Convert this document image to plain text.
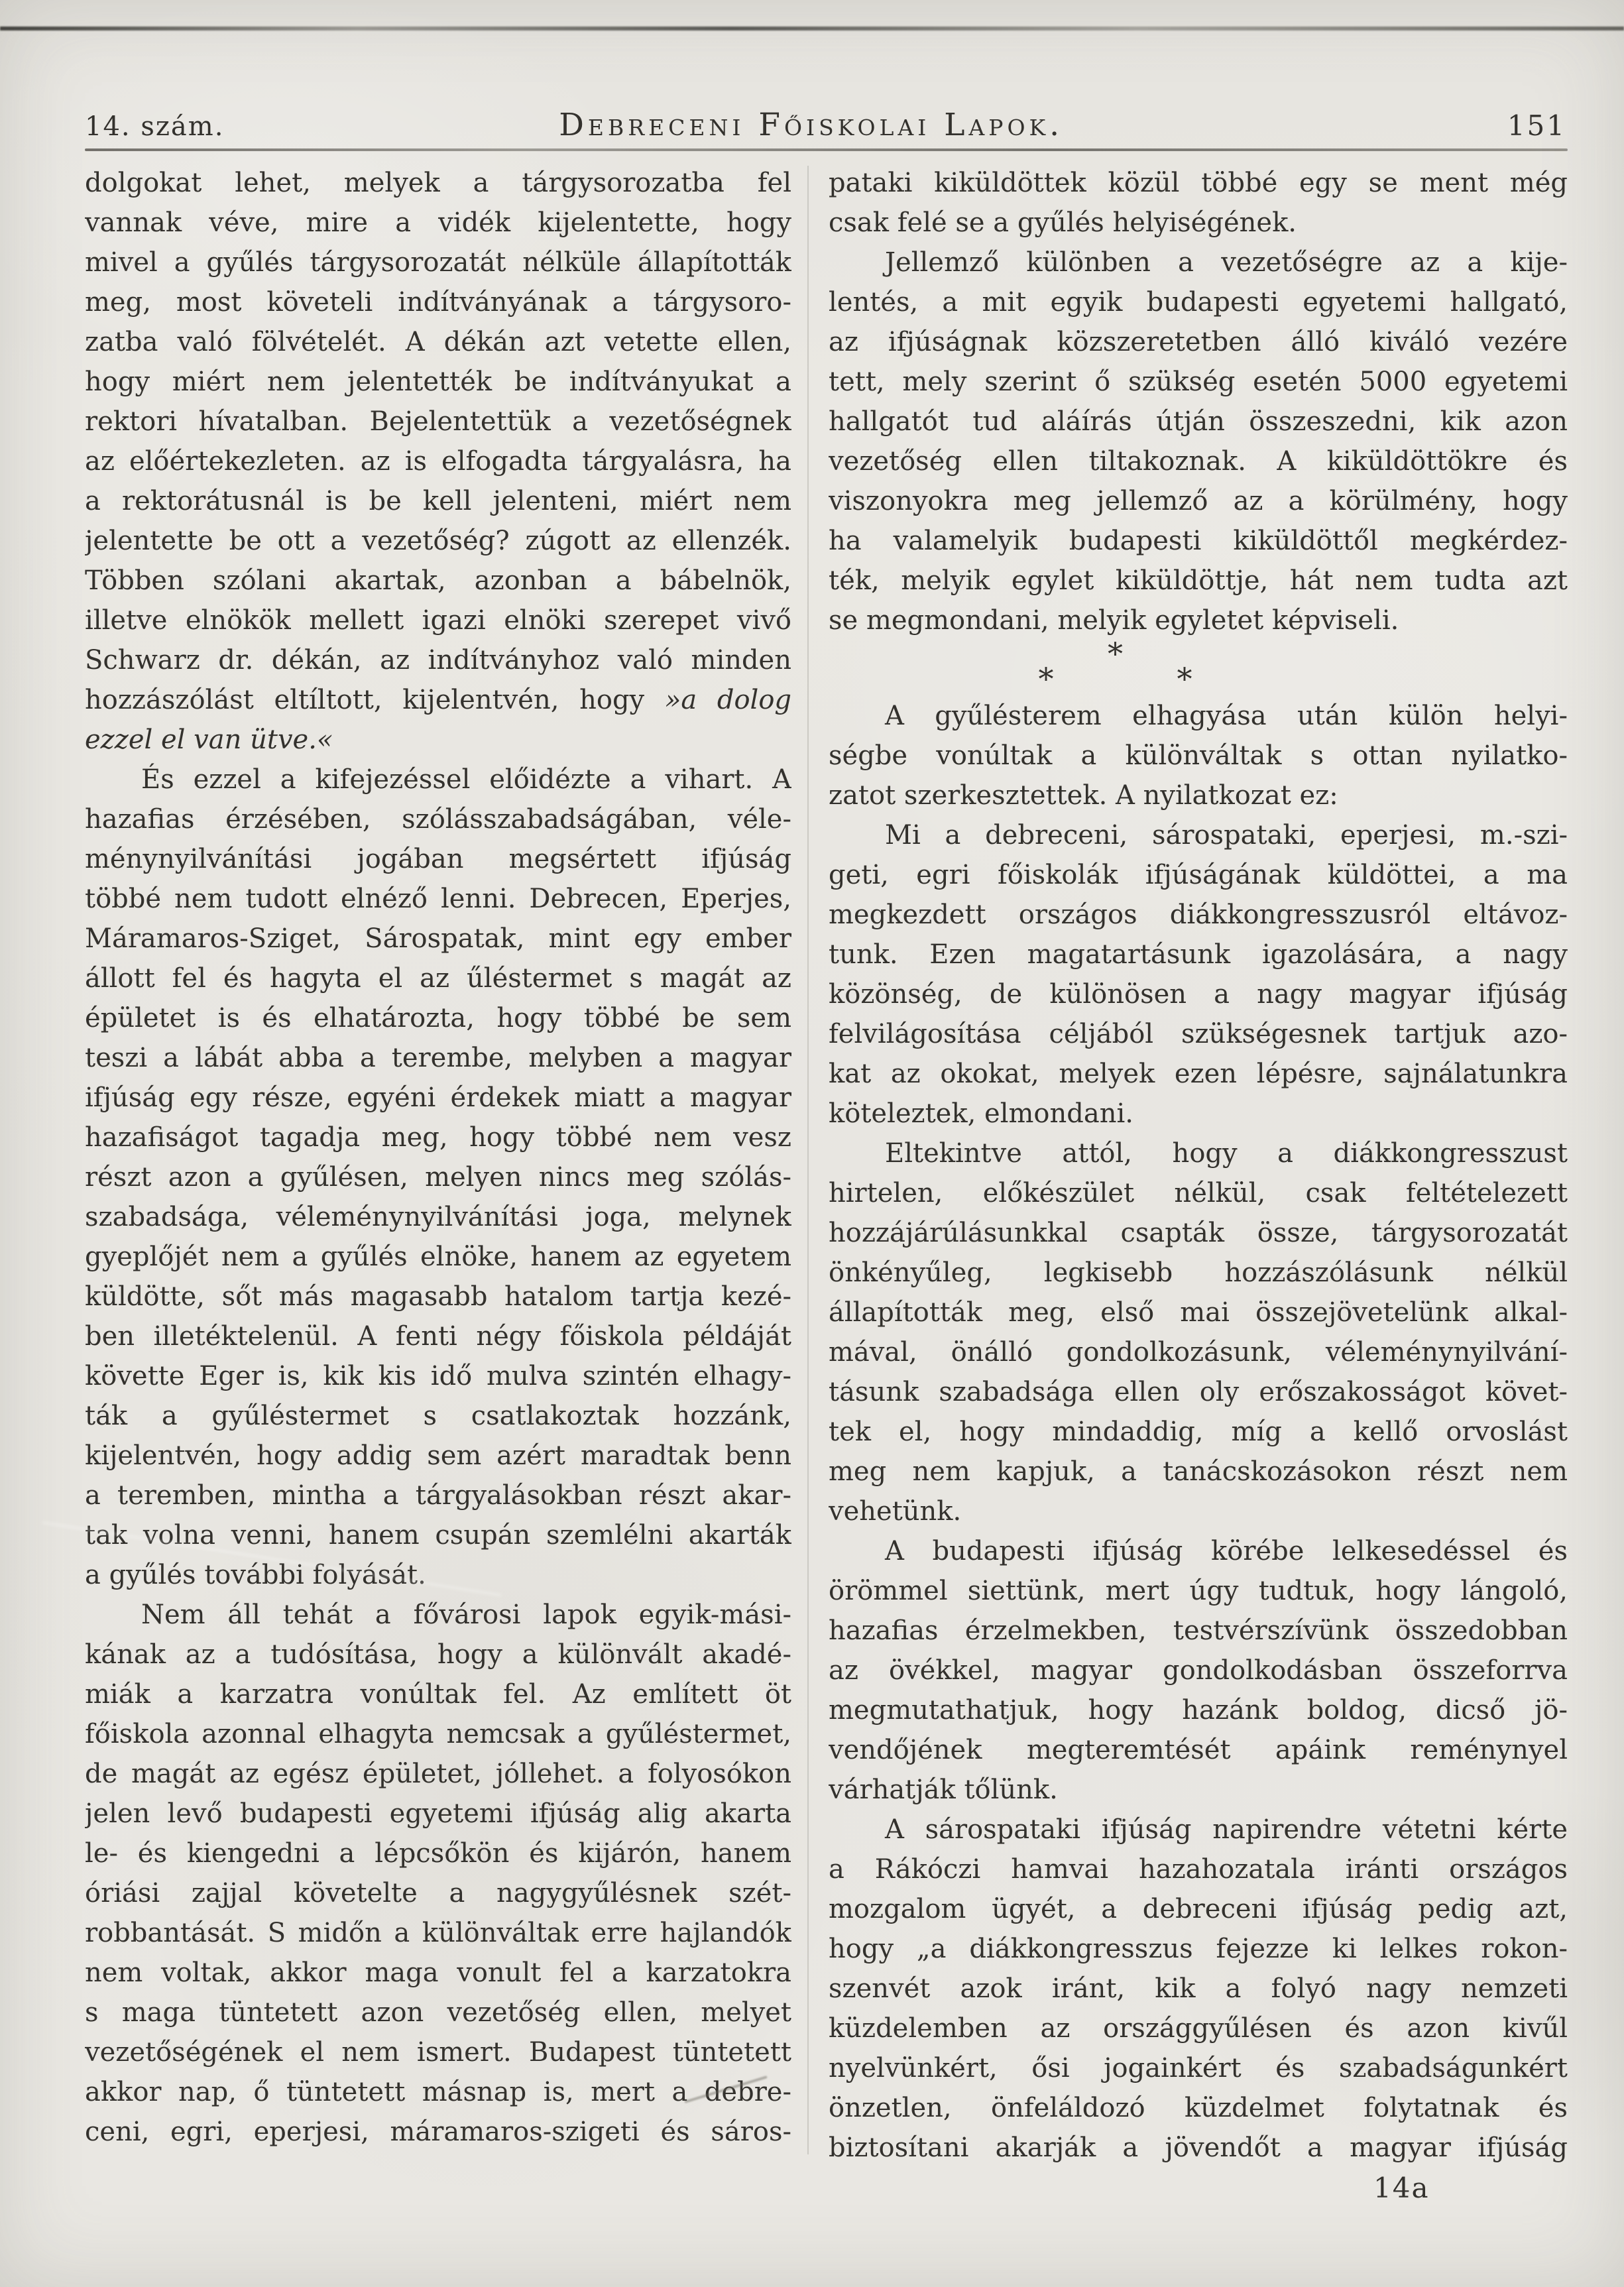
14. szám.	Debreceni Főiskolai Lapok.	151
dolgokat lehet, melyek a tárgysorozatba fel
vannak véve, mire a vidék kijelentette, hogy
mivel a gyűlés tárgysorozatát nélküle állapították
meg, most követeli indítványának a tárgysoro-
zatba való fölvételét. A dékán azt vetette ellen,
hogy miért nem jelentették be indítványukat a
rektori hívatalban. Bejelentettük a vezetőségnek
az előértekezleten. az is elfogadta tárgyalásra, ha
a rektorátusnál is be kell jelenteni, miért nem
jelentette be ott a vezetőség? zúgott az ellenzék.
Többen szólani akartak, azonban a bábelnök,
illetve elnökök mellett igazi elnöki szerepet vivő
Schwarz dr. dékán, az indítványhoz való minden
hozzászólást eltíltott, kijelentvén, hogy »a dolog
ezzel el van ütve.«
És ezzel a kifejezéssel előidézte a vihart. A
hazafias érzésében, szólásszabadságában, véle-
ménynyilvánítási jogában megsértett ifjúság
többé nem tudott elnéző lenni. Debrecen, Eperjes,
Máramaros-Sziget, Sárospatak, mint egy ember
állott fel és hagyta el az űléstermet s magát az
épületet is és elhatározta, hogy többé be sem
teszi a lábát abba a terembe, melyben a magyar
ifjúság egy része, egyéni érdekek miatt a magyar
hazafiságot tagadja meg, hogy többé nem vesz
részt azon a gyűlésen, melyen nincs meg szólás-
szabadsága, véleménynyilvánítási joga, melynek
gyeplőjét nem a gyűlés elnöke, hanem az egyetem
küldötte, sőt más magasabb hatalom tartja kezé-
ben illetéktelenül. A fenti négy főiskola példáját
követte Eger is, kik kis idő mulva szintén elhagy-
ták a gyűléstermet s csatlakoztak hozzánk,
kijelentvén, hogy addig sem azért maradtak benn
a teremben, mintha a tárgyalásokban részt akar-
tak volna venni, hanem csupán szemlélni akarták
a gyűlés további folyását.
Nem áll tehát a fővárosi lapok egyik-mási-
kának az a tudósítása, hogy a különvált akadé-
miák a karzatra vonúltak fel. Az említett öt
főiskola azonnal elhagyta nemcsak a gyűléstermet,
de magát az egész épületet, jóllehet. a folyosókon
jelen levő budapesti egyetemi ifjúság alig akarta
le- és kiengedni a lépcsőkön és kijárón, hanem
óriási zajjal követelte a nagygyűlésnek szét-
robbantását. S midőn a különváltak erre hajlandók
nem voltak, akkor maga vonult fel a karzatokra
s maga tüntetett azon vezetőség ellen, melyet
vezetőségének el nem ismert. Budapest tüntetett
akkor nap, ő tüntetett másnap is, mert a debre-
ceni, egri, eperjesi, máramaros-szigeti és sáros-
pataki kiküldöttek közül többé egy se ment még
csak felé se a gyűlés helyiségének.
Jellemző különben a vezetőségre az a kije-
lentés, a mit egyik budapesti egyetemi hallgató,
az ifjúságnak közszeretetben álló kiváló vezére
tett, mely szerint ő szükség esetén 5000 egyetemi
hallgatót tud aláírás útján összeszedni, kik azon
vezetőség ellen tiltakoznak. A kiküldöttökre és
viszonyokra meg jellemző az a körülmény, hogy
ha valamelyik budapesti kiküldöttől megkérdez-
ték, melyik egylet kiküldöttje, hát nem tudta azt
se megmondani, melyik egyletet képviseli.
*
*	*
A gyűlésterem elhagyása után külön helyi-
ségbe vonúltak a különváltak s ottan nyilatko-
zatot szerkesztettek. A nyilatkozat ez:
Mi a debreceni, sárospataki, eperjesi, m.-szi-
geti, egri főiskolák ifjúságának küldöttei, a ma
megkezdett országos diákkongresszusról eltávoz-
tunk. Ezen magatartásunk igazolására, a nagy
közönség, de különösen a nagy magyar ifjúság
felvilágosítása céljából szükségesnek tartjuk azo-
kat az okokat, melyek ezen lépésre, sajnálatunkra
köteleztek, elmondani.
Eltekintve attól, hogy a diákkongresszust
hirtelen, előkészület nélkül, csak feltételezett
hozzájárúlásunkkal csapták össze, tárgysorozatát
önkényűleg, legkisebb hozzászólásunk nélkül
állapították meg, első mai összejövetelünk alkal-
mával, önálló gondolkozásunk, véleménynyilvání-
tásunk szabadsága ellen oly erőszakosságot követ-
tek el, hogy mindaddig, míg a kellő orvoslást
meg nem kapjuk, a tanácskozásokon részt nem
vehetünk.
A budapesti ifjúság körébe lelkesedéssel és
örömmel siettünk, mert úgy tudtuk, hogy lángoló,
hazafias érzelmekben, testvérszívünk összedobban
az övékkel, magyar gondolkodásban összeforrva
megmutathatjuk, hogy hazánk boldog, dicső jö-
vendőjének megteremtését apáink reménynyel
várhatják tőlünk.
A sárospataki ifjúság napirendre vétetni kérte
a Rákóczi hamvai hazahozatala iránti országos
mozgalom ügyét, a debreceni ifjúság pedig azt,
hogy „a diákkongresszus fejezze ki lelkes rokon-
szenvét azok iránt, kik a folyó nagy nemzeti
küzdelemben az országgyűlésen és azon kivűl
nyelvünkért, ősi jogainkért és szabadságunkért
önzetlen, önfeláldozó küzdelmet folytatnak és
biztosítani akarják a jövendőt a magyar ifjúság
14a
